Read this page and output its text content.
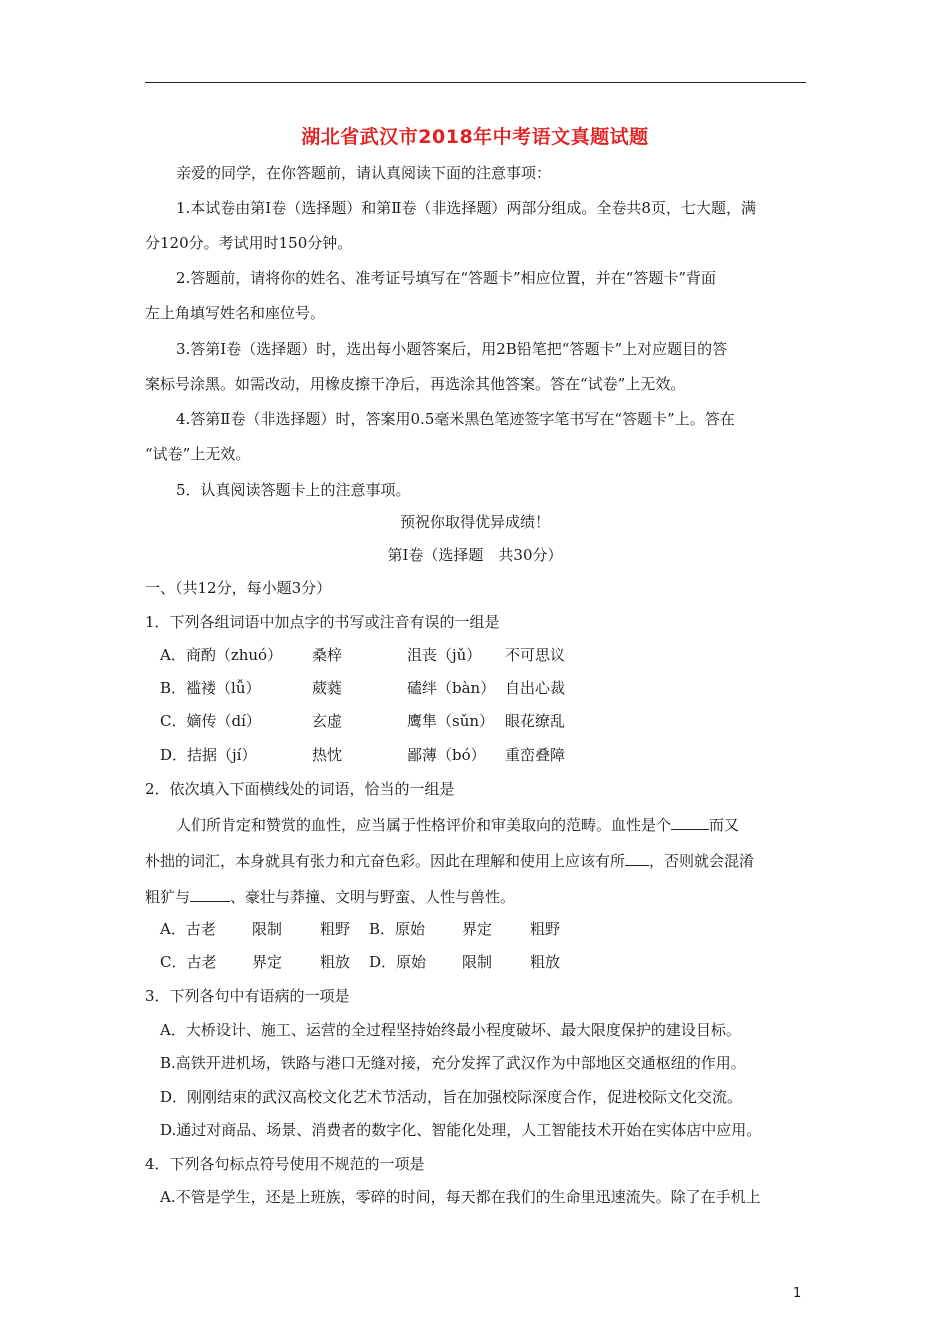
湖北省武汉市2018年中考语文真题试题
亲爱的同学，在你答题前，请认真阅读下面的注意事项：
1.本试卷由第Ⅰ卷（选择题）和第Ⅱ卷（非选择题）两部分组成。全卷共8页，七大题，满
分120分。考试用时150分钟。
2.答题前，请将你的姓名、准考证号填写在“答题卡”相应位置，并在“答题卡”背面
左上角填写姓名和座位号。
3.答第Ⅰ卷（选择题）时，选出每小题答案后，用2B铅笔把“答题卡”上对应题目的答
案标号涂黑。如需改动，用橡皮擦干净后，再选涂其他答案。答在“试卷”上无效。
4.答第Ⅱ卷（非选择题）时，答案用0.5毫米黑色笔迹签字笔书写在“答题卡”上。答在
“试卷”上无效。
5．认真阅读答题卡上的注意事项。
预祝你取得优异成绩！
第Ⅰ卷（选择题　共30分）
一、（共12分，每小题3分）
1．下列各组词语中加点字的书写或注音有误的一组是
A．商酌（zhuó） 桑梓	沮丧（jǔ） 不可思议
B．褴褛（lǚ）	葳蕤	磕绊（bàn） 自出心裁
C．嫡传（dí）	玄虚	鹰隼（sǔn） 眼花缭乱
D．拮据（jí）	热忱	鄙薄（bó） 重峦叠障
2．依次填入下面横线处的词语，恰当的一组是
人们所肯定和赞赏的血性，应当属于性格评价和审美取向的范畴。血性是个	而又
朴拙的词汇，本身就具有张力和亢奋色彩。因此在理解和使用上应该有所 ，否则就会混淆
粗犷与	、豪壮与莽撞、文明与野蛮、人性与兽性。
A．古老 限制	粗野 B．原始 界定	粗野
C．古老 界定	粗放 D．原始 限制	粗放
3．下列各句中有语病的一项是
A．大桥设计、施工、运营的全过程坚持始终最小程度破坏、最大限度保护的建设目标。
B.高铁开进机场，铁路与港口无缝对接，充分发挥了武汉作为中部地区交通枢纽的作用。
D．刚刚结束的武汉高校文化艺术节活动，旨在加强校际深度合作，促进校际文化交流。
D.通过对商品、场景、消费者的数字化、智能化处理，人工智能技术开始在实体店中应用。
4．下列各句标点符号使用不规范的一项是
A.不管是学生，还是上班族，零碎的时间，每天都在我们的生命里迅速流失。除了在手机上
1
